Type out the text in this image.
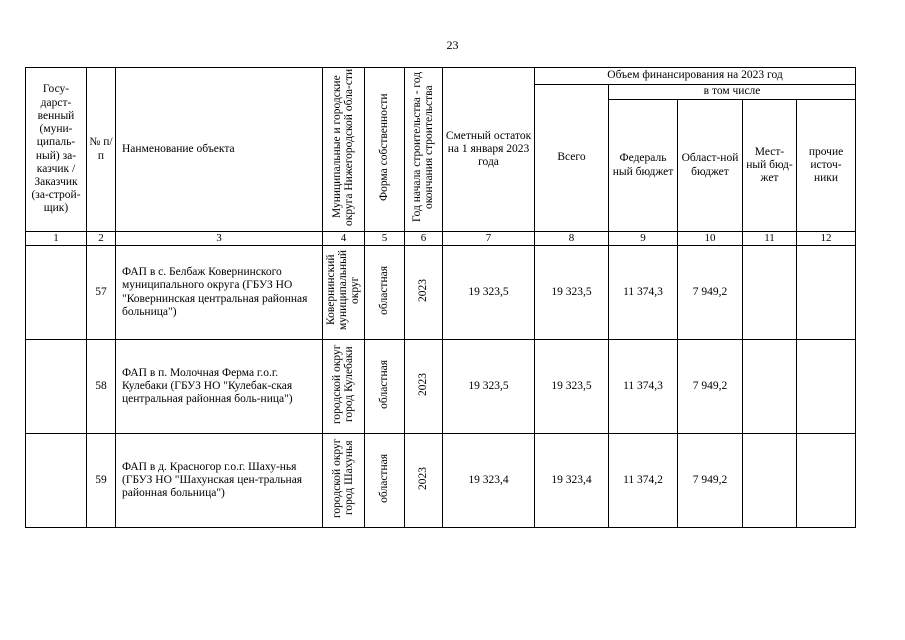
23
Госу-дарст-венный (муни-ципаль-ный) за-казчик / Заказчик (за-строй-щик)	№ п/п	Нанменование объекта	Муниципальные и городские округа Нижегородской обла-сти	Форма собственности	Год начала строительства - год окончания строительства	Сметный остаток на 1 января 2023 года	Объем финансирования на 2023 год				
							Всего	в том числе			
								Федераль ный бюджет	Област-ной бюджет	Мест-ный бюд-жет	прочие источ-ники
1	2	3	4	5	6	7	8	9	10	11	12
	57	ФАП в с. Белбаж Ковернинского муниципального округа (ГБУЗ НО "Ковернинская центральная районная больница")	Ковернинский муниципальный округ	областная	2023	19 323,5	19 323,5	11 374,3	7 949,2		
	58	ФАП в п. Молочная Ферма г.о.г. Кулебаки (ГБУЗ НО "Кулебак-ская центральная районная боль-ница")	городской округ город Кулебаки	областная	2023	19 323,5	19 323,5	11 374,3	7 949,2		
	59	ФАП в д. Красногор г.о.г. Шаху-нья (ГБУЗ НО "Шахунская цен-тральная районная больница")	городской округ город Шахунья	областная	2023	19 323,4	19 323,4	11 374,2	7 949,2		
